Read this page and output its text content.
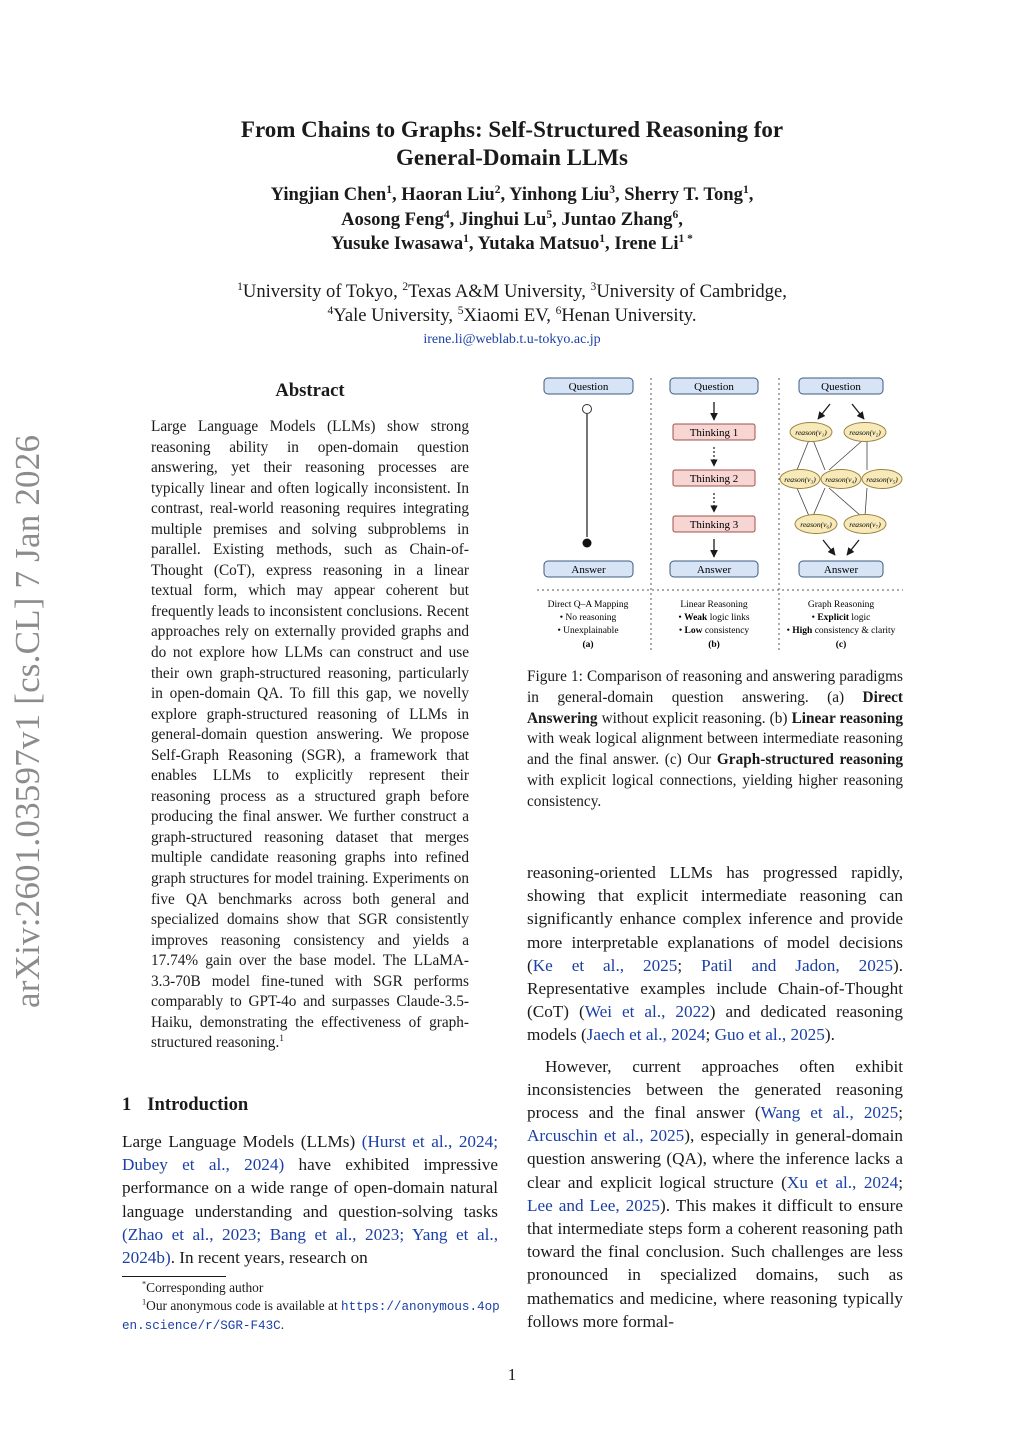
arXiv:2601.03597v1 [cs.CL] 7 Jan 2026
From Chains to Graphs: Self-Structured Reasoning for
General-Domain LLMs
Yingjian Chen$^1$, Haoran Liu$^2$, Yinhong Liu$^3$, Sherry T. Tong$^1$,
Aosong Feng$^4$, Jinghui Lu$^5$, Juntao Zhang$^6$,
Yusuke Iwasawa$^1$, Yutaka Matsuo$^1$, Irene $Li^{1 *}$
$^1$University of Tokyo, $^2$Texas A&M University, $^3$University of Cambridge,
$^4$Yale University, $^5$Xiaomi EV, $^6$Henan University.
irene.li@weblab.t.u-tokyo.ac.jp
Abstract
Large Language Models (LLMs) show strong reasoning ability in open-domain question answering, yet their reasoning processes are typically linear and often logically inconsistent. In contrast, real-world reasoning requires integrating multiple premises and solving subproblems in parallel. Existing methods, such as Chain-of-Thought (CoT), express reasoning in a linear textual form, which may appear coherent but frequently leads to inconsistent conclusions. Recent approaches rely on externally provided graphs and do not explore how LLMs can construct and use their own graph-structured reasoning, particularly in open-domain QA. To fill this gap, we novelly explore graph-structured reasoning of LLMs in general-domain question answering. We propose Self-Graph Reasoning (SGR), a framework that enables LLMs to explicitly represent their reasoning process as a structured graph before producing the final answer. We further construct a graph-structured reasoning dataset that merges multiple candidate reasoning graphs into refined graph structures for model training. Experiments on five QA benchmarks across both general and specialized domains show that SGR consistently improves reasoning consistency and yields a 17.74% gain over the base model. The LLaMA-3.3-70B model fine-tuned with SGR performs comparably to GPT-4o and surpasses Claude-3.5-Haiku, demonstrating the effectiveness of graph-structured reasoning.$^1$
1 Introduction

Large Language Models (LLMs) (Hurst et al., 2024; Dubey et al., 2024) have exhibited impressive performance on a wide range of open-domain natural language understanding and question-solving tasks (Zhao et al., 2023; Bang et al., 2023; Yang et al., 2024b). In recent years, research on

*Corresponding author
$^1$Our anonymous code is available at https://anonymous.4open.science/r/SGR-F43C.
Question
Answer
Direct Q–A Mapping
• No reasoning
• Unexplainable
(a)
Question
Thinking 1
Thinking 2
Thinking 3
Answer
Linear Reasoning
• Weak logic links
• Low consistency
(b)
Question
reason(v₁)	reason(v₂)
reason(v₃) reason(v₄) reason(v₅)
reason(v₆) reason(v₇)
Answer
Graph Reasoning
• Explicit logic
• High consistency & clarity
(c)
Figure 1: Comparison of reasoning and answering paradigms in general-domain question answering. (a) Direct Answering without explicit reasoning. (b) Linear reasoning with weak logical alignment between intermediate reasoning and the final answer. (c) Our Graph-structured reasoning with explicit logical connections, yielding higher reasoning consistency.

reasoning-oriented LLMs has progressed rapidly, showing that explicit intermediate reasoning can significantly enhance complex inference and provide more interpretable explanations of model decisions (Ke et al., 2025; Patil and Jadon, 2025). Representative examples include Chain-of-Thought (CoT) (Wei et al., 2022) and dedicated reasoning models (Jaech et al., 2024; Guo et al., 2025).

However, current approaches often exhibit inconsistencies between the generated reasoning process and the final answer (Wang et al., 2025; Arcuschin et al., 2025), especially in general-domain question answering (QA), where the inference lacks a clear and explicit logical structure (Xu et al., 2024; Lee and Lee, 2025). This makes it difficult to ensure that intermediate steps form a coherent reasoning path toward the final conclusion. Such challenges are less pronounced in specialized domains, such as mathematics and medicine, where reasoning typically follows more formal-

1
